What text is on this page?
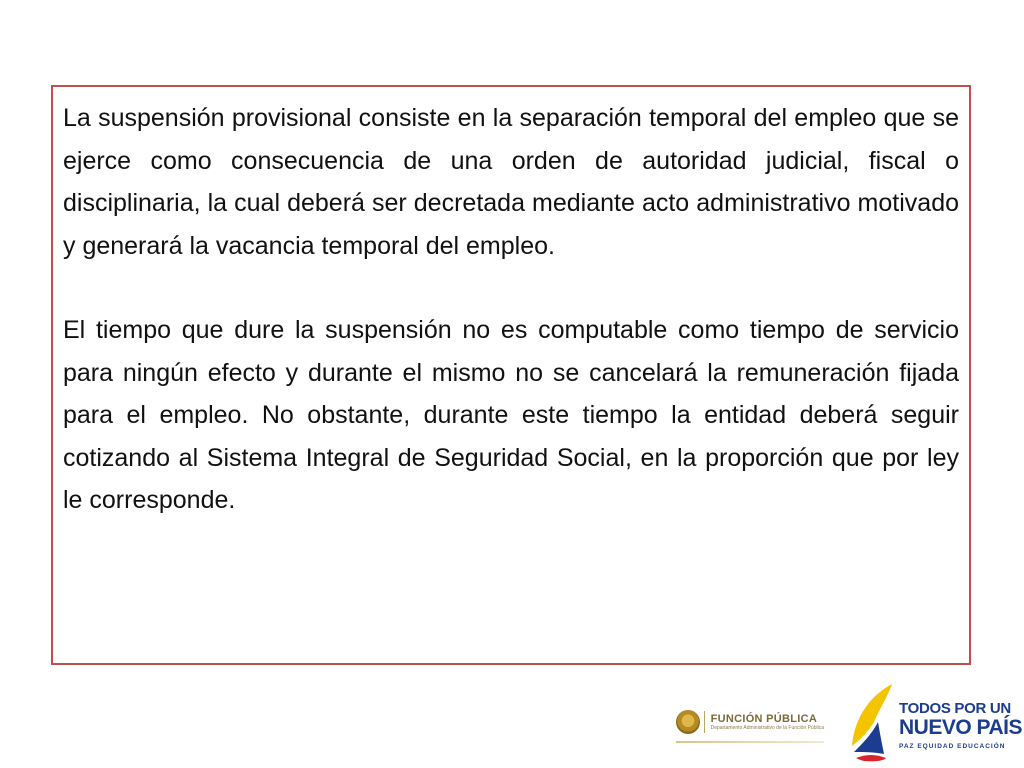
La suspensión provisional consiste en la separación temporal del empleo que se ejerce como consecuencia de una orden de autoridad judicial, fiscal o disciplinaria, la cual deberá ser decretada mediante acto administrativo motivado y generará la vacancia temporal del empleo.

El tiempo que dure la suspensión no es computable como tiempo de servicio para ningún efecto y durante el mismo no se cancelará la remuneración fijada para el empleo. No obstante, durante este tiempo la entidad deberá seguir cotizando al Sistema Integral de Seguridad Social, en la proporción que por ley le corresponde.

FUNCIÓN PÚBLICA
Departamento Administrativo de la Función Pública
TODOS POR UN
NUEVO PAÍS
PAZ EQUIDAD EDUCACIÓN
